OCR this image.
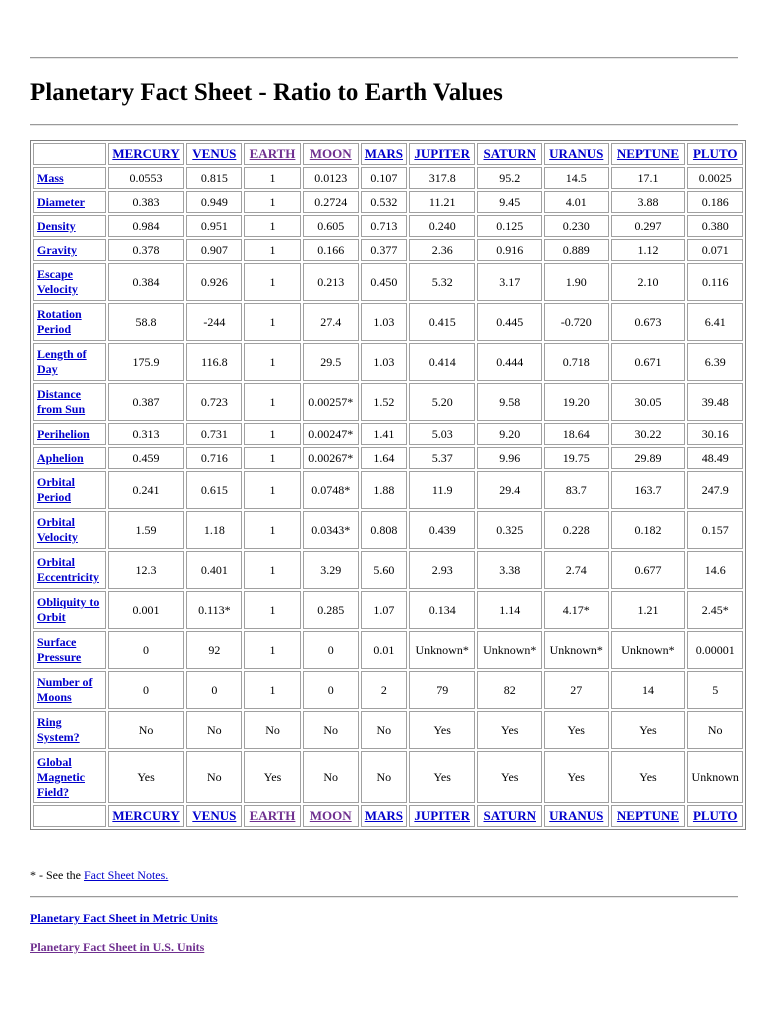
Planetary Fact Sheet - Ratio to Earth Values
	MERCURY	VENUS	EARTH	MOON	MARS	JUPITER	SATURN	URANUS	NEPTUNE	PLUTO
Mass	0.0553	0.815	1	0.0123	0.107	317.8	95.2	14.5	17.1	0.0025
Diameter	0.383	0.949	1	0.2724	0.532	11.21	9.45	4.01	3.88	0.186
Density	0.984	0.951	1	0.605	0.713	0.240	0.125	0.230	0.297	0.380
Gravity	0.378	0.907	1	0.166	0.377	2.36	0.916	0.889	1.12	0.071
Escape Velocity	0.384	0.926	1	0.213	0.450	5.32	3.17	1.90	2.10	0.116
Rotation Period	58.8	-244	1	27.4	1.03	0.415	0.445	-0.720	0.673	6.41
Length of Day	175.9	116.8	1	29.5	1.03	0.414	0.444	0.718	0.671	6.39
Distance from Sun	0.387	0.723	1	0.00257*	1.52	5.20	9.58	19.20	30.05	39.48
Perihelion	0.313	0.731	1	0.00247*	1.41	5.03	9.20	18.64	30.22	30.16
Aphelion	0.459	0.716	1	0.00267*	1.64	5.37	9.96	19.75	29.89	48.49
Orbital Period	0.241	0.615	1	0.0748*	1.88	11.9	29.4	83.7	163.7	247.9
Orbital Velocity	1.59	1.18	1	0.0343*	0.808	0.439	0.325	0.228	0.182	0.157
Orbital Eccentricity	12.3	0.401	1	3.29	5.60	2.93	3.38	2.74	0.677	14.6
Obliquity to Orbit	0.001	0.113*	1	0.285	1.07	0.134	1.14	4.17*	1.21	2.45*
Surface Pressure	0	92	1	0	0.01	Unknown*	Unknown*	Unknown*	Unknown*	0.00001
Number of Moons	0	0	1	0	2	79	82	27	14	5
Ring System?	No	No	No	No	No	Yes	Yes	Yes	Yes	No
Global Magnetic Field?	Yes	No	Yes	No	No	Yes	Yes	Yes	Yes	Unknown
	MERCURY	VENUS	EARTH	MOON	MARS	JUPITER	SATURN	URANUS	NEPTUNE	PLUTO
* - See the Fact Sheet Notes.
Planetary Fact Sheet in Metric Units
Planetary Fact Sheet in U.S. Units
